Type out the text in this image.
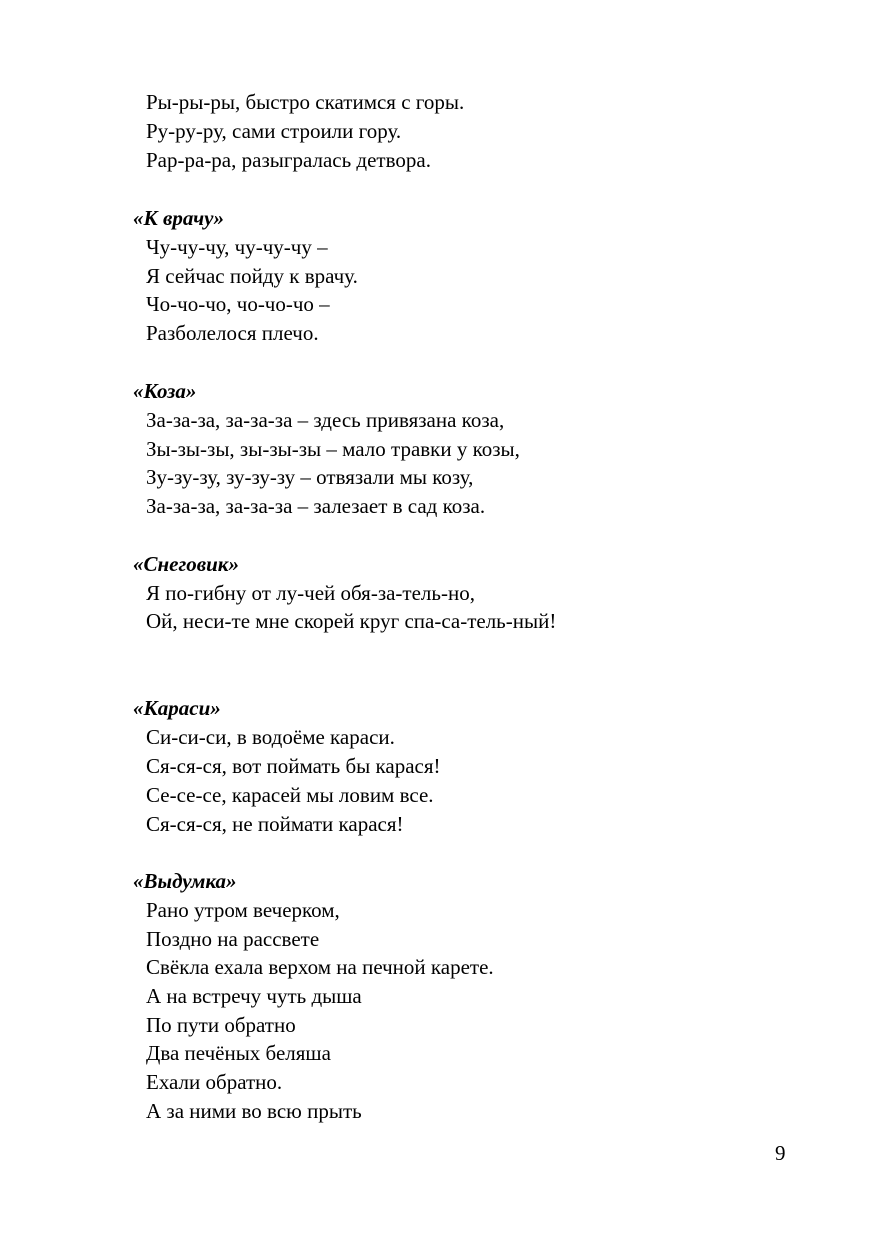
Ры-ры-ры, быстро скатимся с горы.
Ру-ру-ру, сами строили гору.
Рар-ра-ра, разыгралась детвора.
«К врачу»
Чу-чу-чу, чу-чу-чу –
Я сейчас пойду к врачу.
Чо-чо-чо, чо-чо-чо –
Разболелося плечо.
«Коза»
За-за-за, за-за-за – здесь привязана коза,
Зы-зы-зы, зы-зы-зы – мало травки у козы,
Зу-зу-зу, зу-зу-зу – отвязали мы козу,
За-за-за, за-за-за – залезает в сад коза.
«Снеговик»
Я по-гибну от лу-чей обя-за-тель-но,
Ой, неси-те мне скорей круг спа-са-тель-ный!
«Караси»
Си-си-си, в водоёме караси.
Ся-ся-ся, вот поймать бы карася!
Се-се-се, карасей мы ловим все.
Ся-ся-ся, не поймати карася!
«Выдумка»
Рано утром вечерком,
Поздно на рассвете
Свёкла ехала верхом на печной карете.
А на встречу чуть дыша
По пути обратно
Два печёных беляша
Ехали обратно.
А за ними во всю прыть
9
